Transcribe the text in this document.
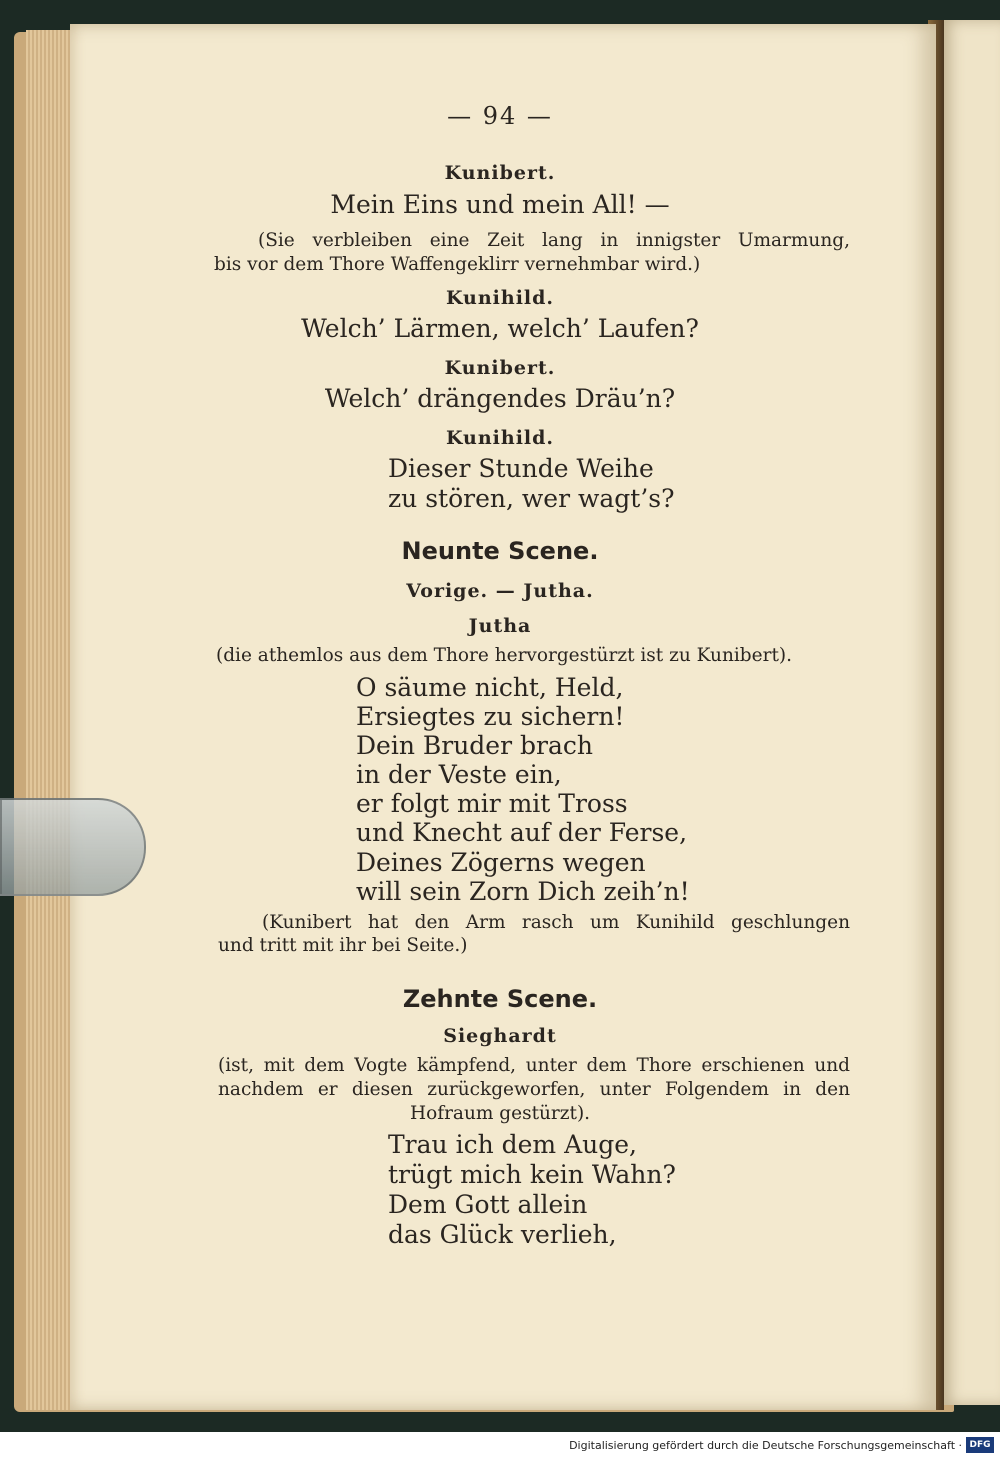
— 94 —
Kunibert.
Mein Eins und mein All! —
(Sie verbleiben eine Zeit lang in innigster Umarmung,
bis vor dem Thore Waffengeklirr vernehmbar wird.)
Kunihild.
Welch’ Lärmen, welch’ Laufen?
Kunibert.
Welch’ drängendes Dräu’n?
Kunihild.
Dieser Stunde Weihe
zu stören, wer wagt’s?
Neunte Scene.
Vorige. — Jutha.
Jutha
(die athemlos aus dem Thore hervorgestürzt ist zu Kunibert).
O säume nicht, Held,
Ersiegtes zu sichern!
Dein Bruder brach
in der Veste ein,
er folgt mir mit Tross
und Knecht auf der Ferse,
Deines Zögerns wegen
will sein Zorn Dich zeih’n!
(Kunibert hat den Arm rasch um Kunihild geschlungen
und tritt mit ihr bei Seite.)
Zehnte Scene.
Sieghardt
(ist, mit dem Vogte kämpfend, unter dem Thore erschienen und
nachdem er diesen zurückgeworfen, unter Folgendem in den
Hofraum gestürzt).
Trau ich dem Auge,
trügt mich kein Wahn?
Dem Gott allein
das Glück verlieh,
Digitalisierung gefördert durch die Deutsche Forschungsgemeinschaft · DFG
